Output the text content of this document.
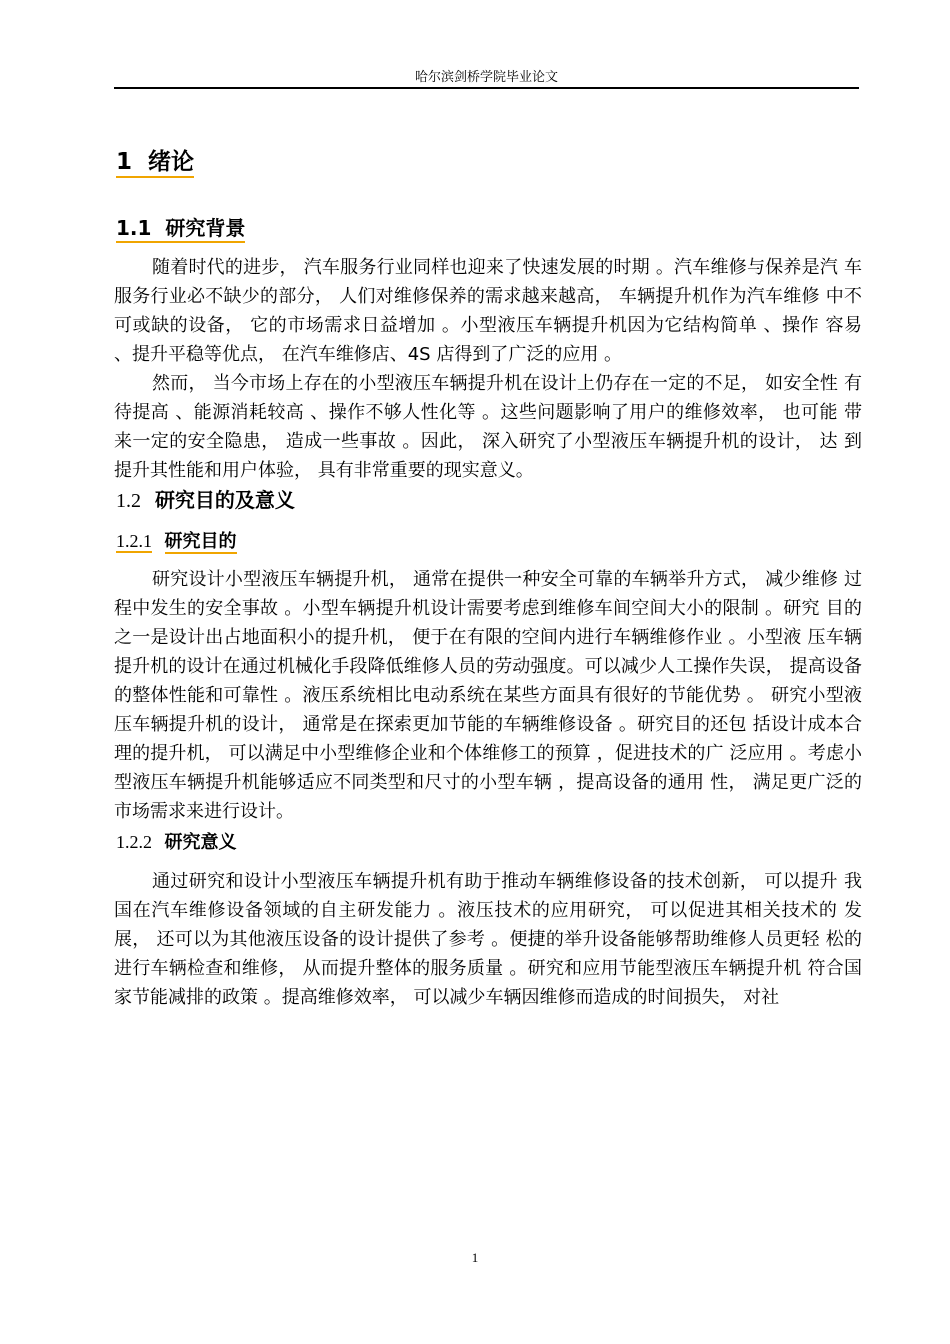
哈尔滨剑桥学院毕业论文
1 绪论
1.1 研究背景

随着时代的进步， 汽车服务行业同样也迎来了快速发展的时期 。汽车维修与保养是汽 车服务行业必不缺少的部分， 人们对维修保养的需求越来越高， 车辆提升机作为汽车维修 中不可或缺的设备， 它的市场需求日益增加 。小型液压车辆提升机因为它结构简单 、操作 容易 、提升平稳等优点， 在汽车维修店、4S 店得到了广泛的应用 。

然而， 当今市场上存在的小型液压车辆提升机在设计上仍存在一定的不足， 如安全性 有待提高 、能源消耗较高 、操作不够人性化等 。这些问题影响了用户的维修效率， 也可能 带来一定的安全隐患， 造成一些事故 。因此， 深入研究了小型液压车辆提升机的设计， 达 到提升其性能和用户体验， 具有非常重要的现实意义。

1.2 研究目的及意义
1.2.1 研究目的

研究设计小型液压车辆提升机， 通常在提供一种安全可靠的车辆举升方式， 减少维修 过程中发生的安全事故 。小型车辆提升机设计需要考虑到维修车间空间大小的限制 。研究 目的之一是设计出占地面积小的提升机， 便于在有限的空间内进行车辆维修作业 。小型液 压车辆提升机的设计在通过机械化手段降低维修人员的劳动强度。可以减少人工操作失误， 提高设备的整体性能和可靠性 。液压系统相比电动系统在某些方面具有很好的节能优势 。 研究小型液压车辆提升机的设计， 通常是在探索更加节能的车辆维修设备 。研究目的还包 括设计成本合理的提升机， 可以满足中小型维修企业和个体维修工的预算 ，促进技术的广 泛应用 。考虑小型液压车辆提升机能够适应不同类型和尺寸的小型车辆 ，提高设备的通用 性， 满足更广泛的市场需求来进行设计。

1.2.2 研究意义

通过研究和设计小型液压车辆提升机有助于推动车辆维修设备的技术创新， 可以提升 我国在汽车维修设备领域的自主研发能力 。液压技术的应用研究， 可以促进其相关技术的 发展， 还可以为其他液压设备的设计提供了参考 。便捷的举升设备能够帮助维修人员更轻 松的进行车辆检查和维修， 从而提升整体的服务质量 。研究和应用节能型液压车辆提升机 符合国家节能减排的政策 。提高维修效率， 可以减少车辆因维修而造成的时间损失， 对社

1
